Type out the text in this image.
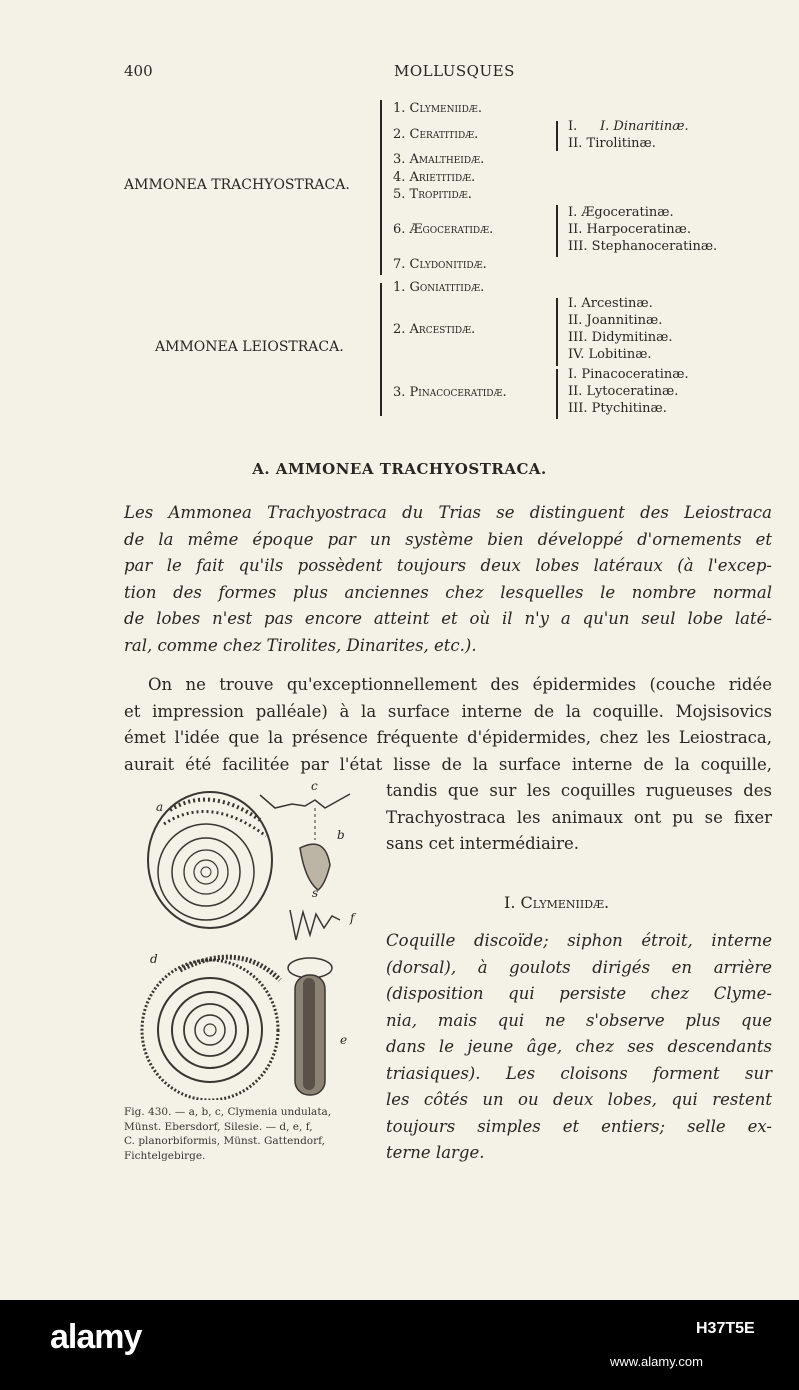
400	MOLLUSQUES
AMMONEA TRACHYOSTRACA.
1. Clymeniidæ.
2. Ceratitidæ.
3. Amaltheidæ.
4. Arietitidæ.
5. Tropitidæ.
6. Ægoceratidæ.
7. Clydonitidæ.
I. I. Dinaritinæ.
II. Tirolitinæ.
I. Ægoceratinæ.
II. Harpoceratinæ.
III. Stephanoceratinæ.
AMMONEA LEIOSTRACA.
1. Goniatitidæ.
2. Arcestidæ.
3. Pinacoceratidæ.
I. Arcestinæ.
II. Joannitinæ.
III. Didymitinæ.
IV. Lobitinæ.
I. Pinacoceratinæ.
II. Lytoceratinæ.
III. Ptychitinæ.
A. AMMONEA TRACHYOSTRACA.
Les Ammonea Trachyostraca du Trias se distinguent des Leiostraca
de la même époque par un système bien développé d'ornements et
par le fait qu'ils possèdent toujours deux lobes latéraux (à l'excep-
tion des formes plus anciennes chez lesquelles le nombre normal
de lobes n'est pas encore atteint et où il n'y a qu'un seul lobe laté-
ral, comme chez Tirolites, Dinarites, etc.).
On ne trouve qu'exceptionnellement des épidermides (couche ridée
et impression palléale) à la surface interne de la coquille. Mojsisovics
émet l'idée que la présence fréquente d'épidermides, chez les Leiostraca,
aurait été facilitée par l'état lisse de la surface interne de la coquille,
tandis que sur les coquilles rugueuses des
Trachyostraca les animaux ont pu se fixer
sans cet intermédiaire.
I. Clymeniidæ.
Coquille discoïde; siphon étroit, interne
(dorsal), à goulots dirigés en arrière
(disposition qui persiste chez Clyme-
nia, mais qui ne s'observe plus que
dans le jeune âge, chez ses descendants
triasiques). Les cloisons forment sur
les côtés un ou deux lobes, qui restent
toujours simples et entiers; selle ex-
terne large.
a
b
c
s
f
d
e
Fig. 430. — a, b, c, Clymenia undulata,
Münst. Ebersdorf, Silesie. — d, e, f,
C. planorbiformis, Münst. Gattendorf,
Fichtelgebirge.
alamy	H37T5E
www.alamy.com
